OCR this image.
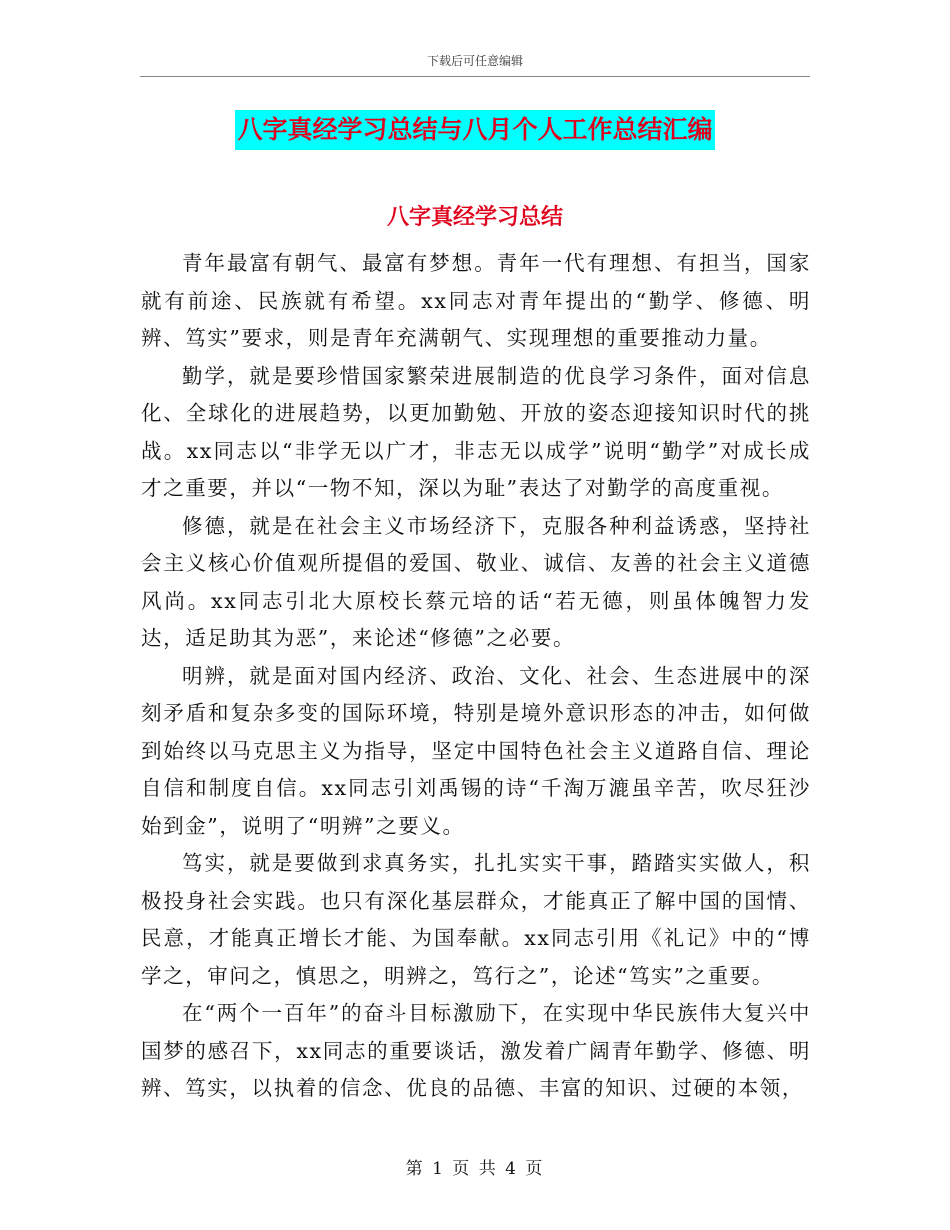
下载后可任意编辑
八字真经学习总结与八月个人工作总结汇编
八字真经学习总结

青年最富有朝气、最富有梦想。青年一代有理想、有担当，国家就有前途、民族就有希望。xx同志对青年提出的“勤学、修德、明辨、笃实”要求，则是青年充满朝气、实现理想的重要推动力量。

勤学，就是要珍惜国家繁荣进展制造的优良学习条件，面对信息化、全球化的进展趋势，以更加勤勉、开放的姿态迎接知识时代的挑战。xx同志以“非学无以广才，非志无以成学”说明“勤学”对成长成才之重要，并以“一物不知，深以为耻”表达了对勤学的高度重视。

修德，就是在社会主义市场经济下，克服各种利益诱惑，坚持社会主义核心价值观所提倡的爱国、敬业、诚信、友善的社会主义道德风尚。xx同志引北大原校长蔡元培的话“若无德，则虽体魄智力发达，适足助其为恶”，来论述“修德”之必要。

明辨，就是面对国内经济、政治、文化、社会、生态进展中的深刻矛盾和复杂多变的国际环境，特别是境外意识形态的冲击，如何做到始终以马克思主义为指导，坚定中国特色社会主义道路自信、理论自信和制度自信。xx同志引刘禹锡的诗“千淘万漉虽辛苦，吹尽狂沙始到金”，说明了“明辨”之要义。

笃实，就是要做到求真务实，扎扎实实干事，踏踏实实做人，积极投身社会实践。也只有深化基层群众，才能真正了解中国的国情、民意，才能真正增长才能、为国奉献。xx同志引用《礼记》中的“博学之，审问之，慎思之，明辨之，笃行之”，论述“笃实”之重要。

在“两个一百年”的奋斗目标激励下，在实现中华民族伟大复兴中国梦的感召下，xx同志的重要谈话，激发着广阔青年勤学、修德、明辨、笃实，以执着的信念、优良的品德、丰富的知识、过硬的本领，

第 1 页 共 4 页
